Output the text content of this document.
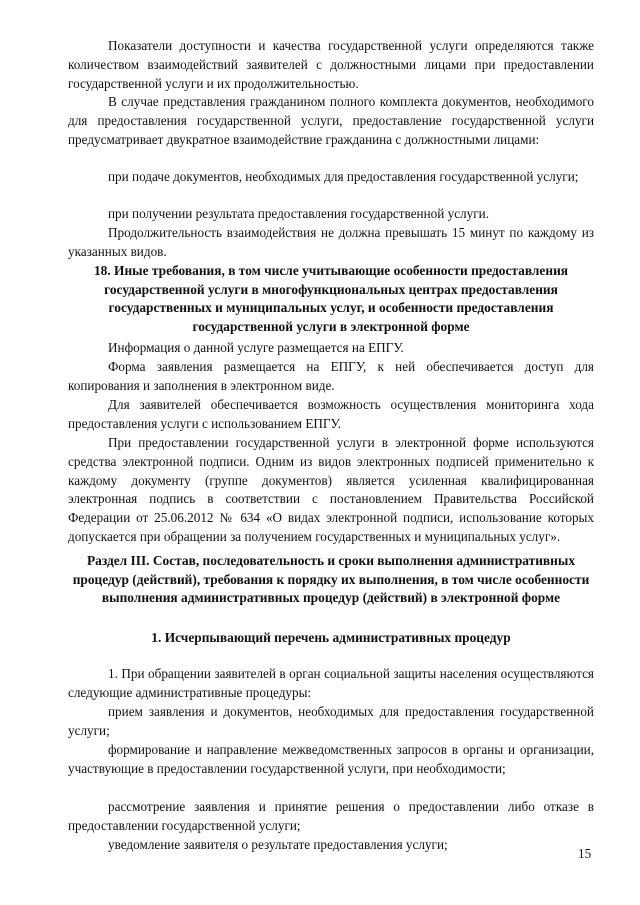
Показатели доступности и качества государственной услуги определяются также количеством взаимодействий заявителей с должностными лицами при предоставлении государственной услуги и их продолжительностью.

В случае представления гражданином полного комплекта документов, необходимого для предоставления государственной услуги, предоставление государственной услуги предусматривает двукратное взаимодействие гражданина с должностными лицами:

при подаче документов, необходимых для предоставления государственной услуги;

при получении результата предоставления государственной услуги.

Продолжительность взаимодействия не должна превышать 15 минут по каждому из указанных видов.

18. Иные требования, в том числе учитывающие особенности предоставления государственной услуги в многофункциональных центрах предоставления государственных и муниципальных услуг, и особенности предоставления государственной услуги в электронной форме

Информация о данной услуге размещается на ЕПГУ.

Форма заявления размещается на ЕПГУ, к ней обеспечивается доступ для копирования и заполнения в электронном виде.

Для заявителей обеспечивается возможность осуществления мониторинга хода предоставления услуги с использованием ЕПГУ.

При предоставлении государственной услуги в электронной форме используются средства электронной подписи. Одним из видов электронных подписей применительно к каждому документу (группе документов) является усиленная квалифицированная электронная подпись в соответствии с постановлением Правительства Российской Федерации от 25.06.2012 № 634 «О видах электронной подписи, использование которых допускается при обращении за получением государственных и муниципальных услуг».

Раздел III. Состав, последовательность и сроки выполнения административных процедур (действий), требования к порядку их выполнения, в том числе особенности выполнения административных процедур (действий) в электронной форме

1. Исчерпывающий перечень административных процедур

1. При обращении заявителей в орган социальной защиты населения осуществляются следующие административные процедуры:

прием заявления и документов, необходимых для предоставления государственной услуги;

формирование и направление межведомственных запросов в органы и организации, участвующие в предоставлении государственной услуги, при необходимости;

рассмотрение заявления и принятие решения о предоставлении либо отказе в предоставлении государственной услуги;

уведомление заявителя о результате предоставления услуги;

15
